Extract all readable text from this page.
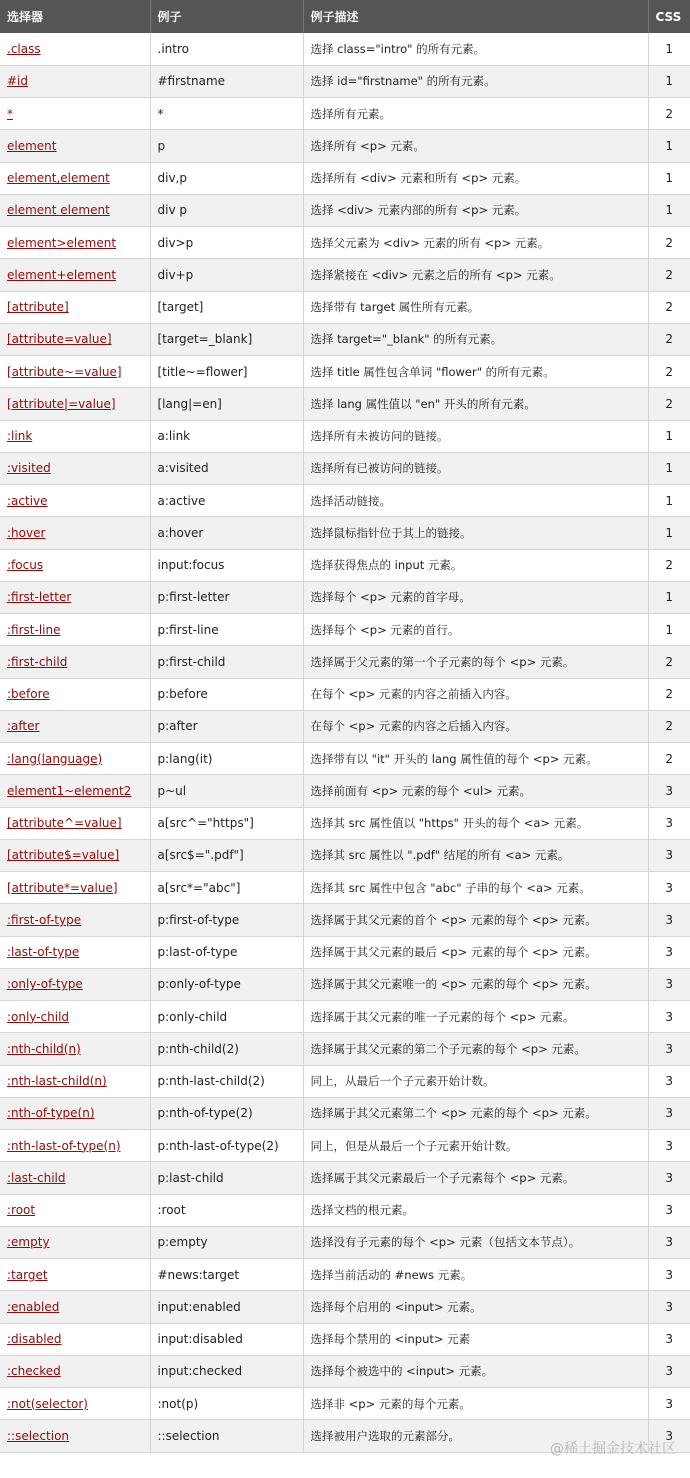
选择器	例子	例子描述	CSS
.class	.intro	选择 class="intro" 的所有元素。	1
#id	#firstname	选择 id="firstname" 的所有元素。	1
*	*	选择所有元素。	2
element	p	选择所有 <p> 元素。	1
element,element	div,p	选择所有 <div> 元素和所有 <p> 元素。	1
element element	div p	选择 <div> 元素内部的所有 <p> 元素。	1
element>element	div>p	选择父元素为 <div> 元素的所有 <p> 元素。	2
element+element	div+p	选择紧接在 <div> 元素之后的所有 <p> 元素。	2
[attribute]	[target]	选择带有 target 属性所有元素。	2
[attribute=value]	[target=_blank]	选择 target="_blank" 的所有元素。	2
[attribute~=value]	[title~=flower]	选择 title 属性包含单词 "flower" 的所有元素。	2
[attribute|=value]	[lang|=en]	选择 lang 属性值以 "en" 开头的所有元素。	2
:link	a:link	选择所有未被访问的链接。	1
:visited	a:visited	选择所有已被访问的链接。	1
:active	a:active	选择活动链接。	1
:hover	a:hover	选择鼠标指针位于其上的链接。	1
:focus	input:focus	选择获得焦点的 input 元素。	2
:first-letter	p:first-letter	选择每个 <p> 元素的首字母。	1
:first-line	p:first-line	选择每个 <p> 元素的首行。	1
:first-child	p:first-child	选择属于父元素的第一个子元素的每个 <p> 元素。	2
:before	p:before	在每个 <p> 元素的内容之前插入内容。	2
:after	p:after	在每个 <p> 元素的内容之后插入内容。	2
:lang(language)	p:lang(it)	选择带有以 "it" 开头的 lang 属性值的每个 <p> 元素。	2
element1~element2	p~ul	选择前面有 <p> 元素的每个 <ul> 元素。	3
[attribute^=value]	a[src^="https"]	选择其 src 属性值以 "https" 开头的每个 <a> 元素。	3
[attribute$=value]	a[src$=".pdf"]	选择其 src 属性以 ".pdf" 结尾的所有 <a> 元素。	3
[attribute*=value]	a[src*="abc"]	选择其 src 属性中包含 "abc" 子串的每个 <a> 元素。	3
:first-of-type	p:first-of-type	选择属于其父元素的首个 <p> 元素的每个 <p> 元素。	3
:last-of-type	p:last-of-type	选择属于其父元素的最后 <p> 元素的每个 <p> 元素。	3
:only-of-type	p:only-of-type	选择属于其父元素唯一的 <p> 元素的每个 <p> 元素。	3
:only-child	p:only-child	选择属于其父元素的唯一子元素的每个 <p> 元素。	3
:nth-child(n)	p:nth-child(2)	选择属于其父元素的第二个子元素的每个 <p> 元素。	3
:nth-last-child(n)	p:nth-last-child(2)	同上，从最后一个子元素开始计数。	3
:nth-of-type(n)	p:nth-of-type(2)	选择属于其父元素第二个 <p> 元素的每个 <p> 元素。	3
:nth-last-of-type(n)	p:nth-last-of-type(2)	同上，但是从最后一个子元素开始计数。	3
:last-child	p:last-child	选择属于其父元素最后一个子元素每个 <p> 元素。	3
:root	:root	选择文档的根元素。	3
:empty	p:empty	选择没有子元素的每个 <p> 元素（包括文本节点）。	3
:target	#news:target	选择当前活动的 #news 元素。	3
:enabled	input:enabled	选择每个启用的 <input> 元素。	3
:disabled	input:disabled	选择每个禁用的 <input> 元素	3
:checked	input:checked	选择每个被选中的 <input> 元素。	3
:not(selector)	:not(p)	选择非 <p> 元素的每个元素。	3
::selection	::selection	选择被用户选取的元素部分。	3
@稀土掘金技术社区
